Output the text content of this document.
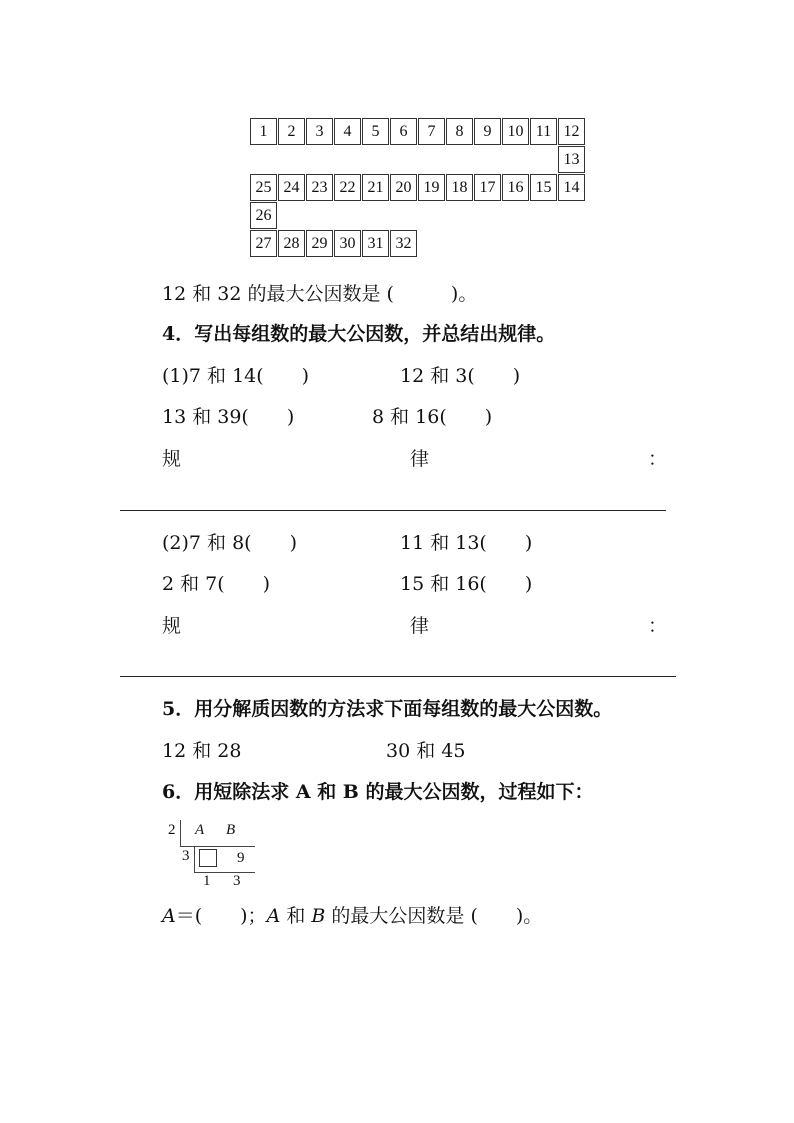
1	2	3	4	5	6	7	8	9	10 11 12
13
25 24 23 22 21 20 19 18 17 16 15 14
26
27 28 29 30 31 32
12 和 32 的最大公因数是 (　　　)。
4．写出每组数的最大公因数，并总结出规律。
(1)7 和 14(　　)	12 和 3(　　)
13 和 39(　　)	8 和 16(　　)
规	律	：
(2)7 和 8(　　)	11 和 13(　　)
2 和 7(　　)	15 和 16(　　)
规	律	：
5．用分解质因数的方法求下面每组数的最大公因数。
12 和 28	30 和 45
6．用短除法求 A 和 B 的最大公因数，过程如下：
2 A B
3	9
1 3
A＝(　　)；A 和 B 的最大公因数是 (　　)。
